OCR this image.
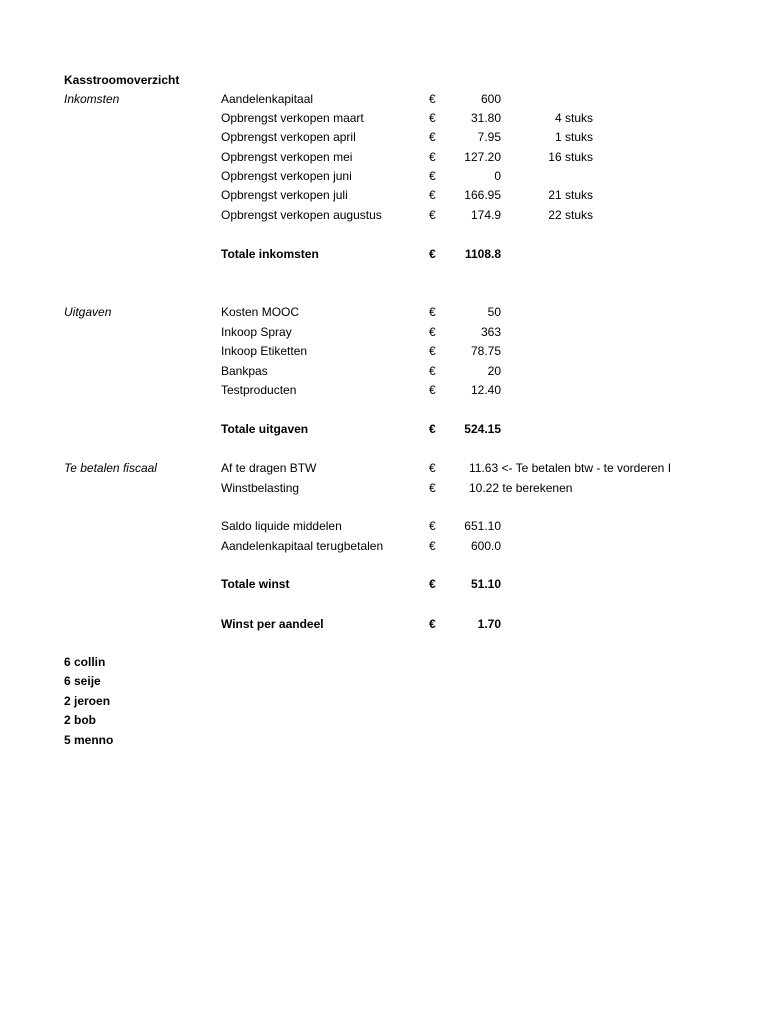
Kasstroomoverzicht
Inkomsten	Aandelenkapitaal	€	600
Opbrengst verkopen maart	€	31.80	4 stuks
Opbrengst verkopen april	€	7.95	1 stuks
Opbrengst verkopen mei	€	127.20	16 stuks
Opbrengst verkopen juni	€	0
Opbrengst verkopen juli	€	166.95	21 stuks
Opbrengst verkopen augustus	€	174.9	22 stuks
Totale inkomsten	€	1108.8
Uitgaven	Kosten MOOC	€	50
Inkoop Spray	€	363
Inkoop Etiketten	€	78.75
Bankpas	€	20
Testproducten	€	12.40
Totale uitgaven	€	524.15
Te betalen fiscaal	Af te dragen BTW	€	11.63 <- Te betalen btw - te vorderen I
Winstbelasting	€	10.22 te berekenen
Saldo liquide middelen	€	651.10
Aandelenkapitaal terugbetalen	€	600.0
Totale winst	€	51.10
Winst per aandeel	€	1.70
6 collin
6 seije
2 jeroen
2 bob
5 menno
